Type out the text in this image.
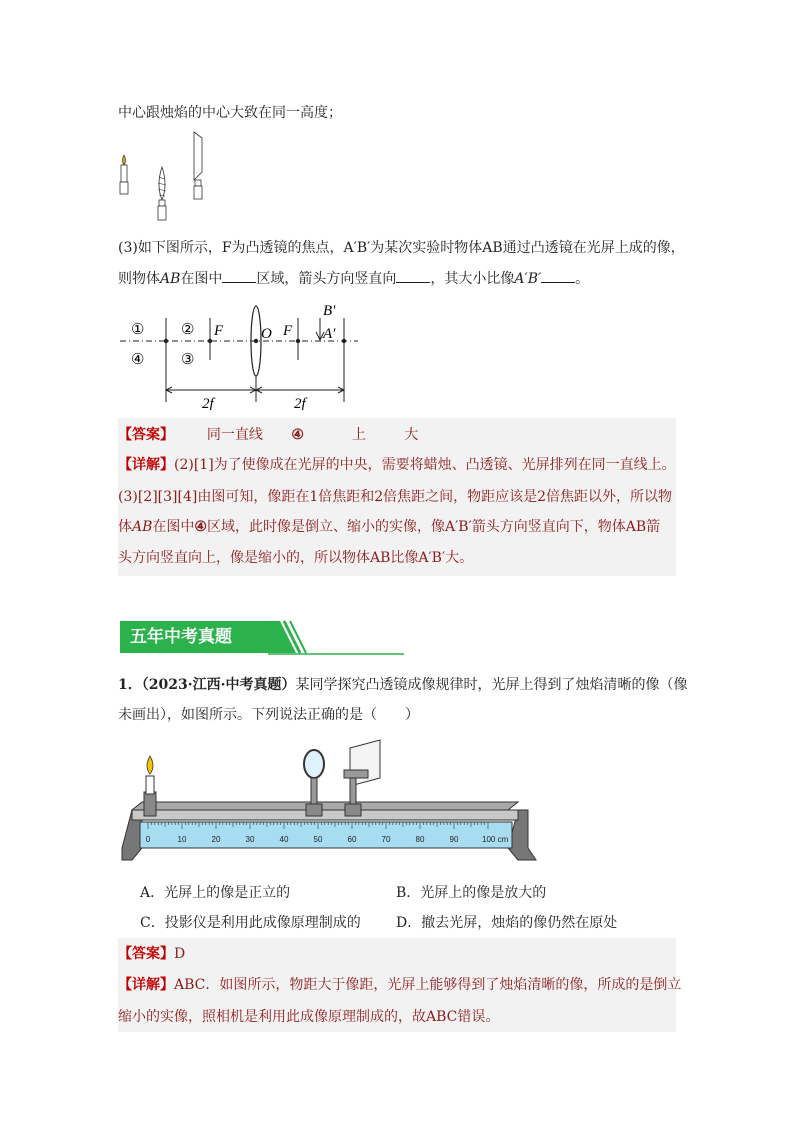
中心跟烛焰的中心大致在同一高度；
(3)如下图所示，F为凸透镜的焦点，A′B′为某次实验时物体AB通过凸透镜在光屏上成的像，
则物体AB在图中 区域，箭头方向竖直向 ，其大小比像A′B′ 。
①
④
②
③
F	O F
B′
A′
2f	2f
【答案】 同一直线 ④	上	大
【详解】(2)[1]为了使像成在光屏的中央，需要将蜡烛、凸透镜、光屏排列在同一直线上。
(3)[2][3][4]由图可知，像距在1倍焦距和2倍焦距之间，物距应该是2倍焦距以外，所以物
体AB在图中④区域，此时像是倒立、缩小的实像，像A′B′箭头方向竖直向下，物体AB箭
头方向竖直向上，像是缩小的，所以物体AB比像A′B′大。
五年中考真题
1．（2023·江西·中考真题）某同学探究凸透镜成像规律时，光屏上得到了烛焰清晰的像（像
未画出），如图所示。下列说法正确的是（　　）
0	10	20	30	40	50	60	70	80	90	100 cm
A．光屏上的像是正立的	B．光屏上的像是放大的
C．投影仪是利用此成像原理制成的	D．撤去光屏，烛焰的像仍然在原处
【答案】D
【详解】ABC．如图所示，物距大于像距，光屏上能够得到了烛焰清晰的像，所成的是倒立
缩小的实像，照相机是利用此成像原理制成的，故ABC错误。
